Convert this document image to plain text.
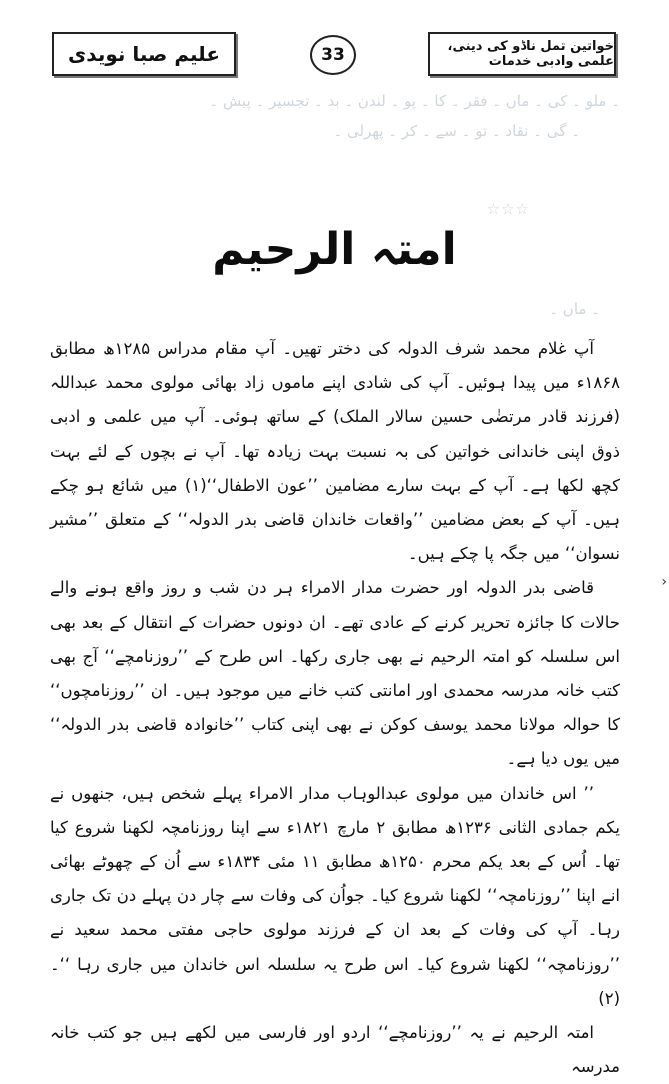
عليم صبا نويدى	33	خواتین تمل ناڈو کی دینی، علمی وادبی خدمات
۔ ملو ۔ کی ۔ ماں ۔ فقر ۔ کا ۔ پو ۔ لندن ۔ بد ۔ تجسیر ۔ پیش ۔
۔ گی ۔ نقاد ۔ تو ۔ سے ۔ کر ۔ پھرلی ۔
☆☆☆
۔ ماں ۔
امتہ الرحیم

آپ غلام محمد شرف الدولہ کی دختر تھیں۔ آپ مقام مدراس ۱۲۸۵ھ مطابق ۱۸۶۸ء میں پیدا ہوئیں۔ آپ کی شادی اپنے ماموں زاد بھائی مولوی محمد عبداللہ (فرزند قادر مرتضٰی حسین سالار الملک) کے ساتھ ہوئی۔ آپ میں علمی و ادبی ذوق اپنی خاندانی خواتین کی بہ نسبت بہت زیادہ تھا۔ آپ نے بچوں کے لئے بہت کچھ لکھا ہے۔ آپ کے بہت سارے مضامین ’’عون الاطفال‘‘(۱) میں شائع ہو چکے ہیں۔ آپ کے بعض مضامین ’’واقعات خاندان قاضی بدر الدولہ‘‘ کے متعلق ’’مشیر نسوان‘‘ میں جگہ پا چکے ہیں۔

قاضی بدر الدولہ اور حضرت مدار الامراء ہر دن شب و روز واقع ہونے والے حالات کا جائزہ تحریر کرنے کے عادی تھے۔ ان دونوں حضرات کے انتقال کے بعد بھی اس سلسلہ کو امتہ الرحیم نے بھی جاری رکھا۔ اس طرح کے ’’روزنامچے‘‘ آج بھی کتب خانہ مدرسہ محمدی اور امانتی کتب خانے میں موجود ہیں۔ ان ’’روزنامچوں‘‘ کا حوالہ مولانا محمد یوسف کوکن نے بھی اپنی کتاب ’’خانوادہ قاضی بدر الدولہ‘‘ میں یوں دیا ہے۔

’’ اس خاندان میں مولوی عبدالوہاب مدار الامراء پہلے شخص ہیں، جنھوں نے یکم جمادی الثانی ۱۲۳۶ھ مطابق ۲ مارچ ۱۸۲۱ء سے اپنا روزنامچہ لکھنا شروع کیا تھا۔ اُس کے بعد یکم محرم ۱۲۵۰ھ مطابق ۱۱ مئی ۱۸۳۴ء سے اُن کے چھوٹے بھائی انے اپنا ’’روزنامچہ‘‘ لکھنا شروع کیا۔ جواُن کی وفات سے چار دن پہلے دن تک جاری رہا۔ آپ کی وفات کے بعد ان کے فرزند مولوی حاجی مفتی محمد سعید نے ’’روزنامچہ‘‘ لکھنا شروع کیا۔ اس طرح یہ سلسلہ اس خاندان میں جاری رہا ‘‘۔ (۲)

امتہ الرحیم نے یہ ’’روزنامچے‘‘ اردو اور فارسی میں لکھے ہیں جو کتب خانہ مدرسہ

›
